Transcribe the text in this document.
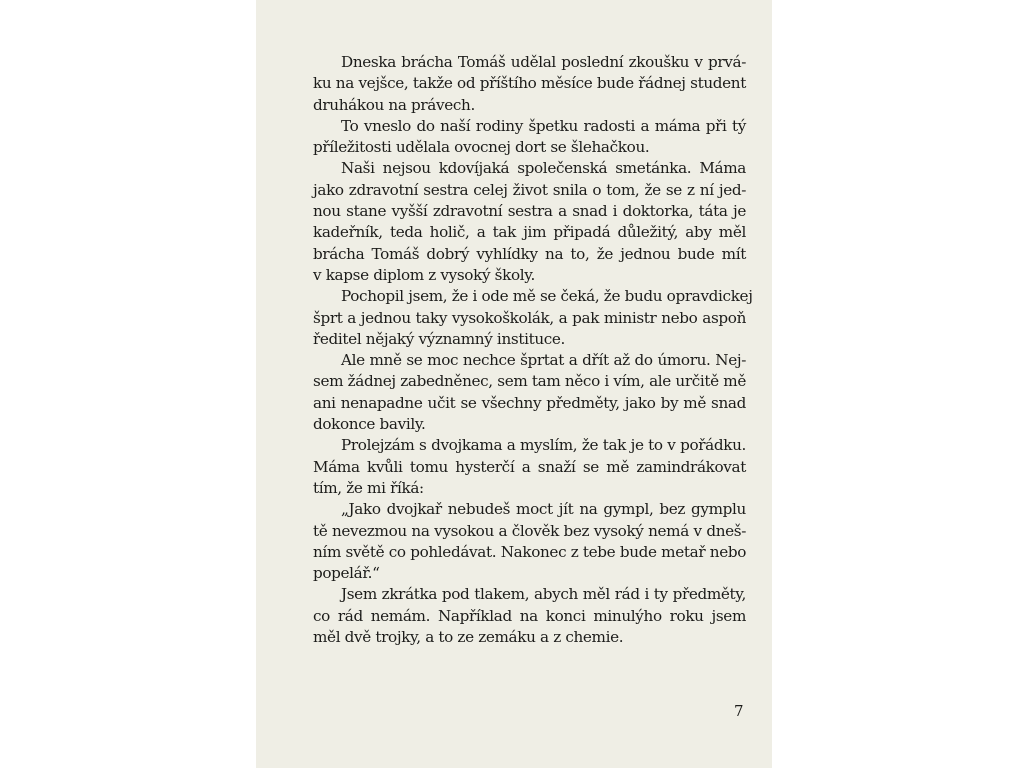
Dneska brácha Tomáš udělal poslední zkoušku v prvá-
ku na vejšce, takže od příštího měsíce bude řádnej student
druhákou na právech.

To vneslo do naší rodiny špetku radosti a máma při tý
příležitosti udělala ovocnej dort se šlehačkou.

Naši nejsou kdovíjaká společenská smetánka. Máma
jako zdravotní sestra celej život snila o tom, že se z ní jed-
nou stane vyšší zdravotní sestra a snad i doktorka, táta je
kadeřník, teda holič, a tak jim připadá důležitý, aby měl
brácha Tomáš dobrý vyhlídky na to, že jednou bude mít
v kapse diplom z vysoký školy.

Pochopil jsem, že i ode mě se čeká, že budu opravdickej
šprt a jednou taky vysokoškolák, a pak ministr nebo aspoň
ředitel nějaký významný instituce.

Ale mně se moc nechce šprtat a dřít až do úmoru. Nej-
sem žádnej zabedněnec, sem tam něco i vím, ale určitě mě
ani nenapadne učit se všechny předměty, jako by mě snad
dokonce bavily.

Prolejzám s dvojkama a myslím, že tak je to v pořádku.
Máma kvůli tomu hysterčí a snaží se mě zamindrákovat
tím, že mi říká:

„Jako dvojkař nebudeš moct jít na gympl, bez gymplu
tě nevezmou na vysokou a člověk bez vysoký nemá v dneš-
ním světě co pohledávat. Nakonec z tebe bude metař nebo
popelář.“

Jsem zkrátka pod tlakem, abych měl rád i ty předměty,
co rád nemám. Například na konci minulýho roku jsem
měl dvě trojky, a to ze zemáku a z chemie.

7
